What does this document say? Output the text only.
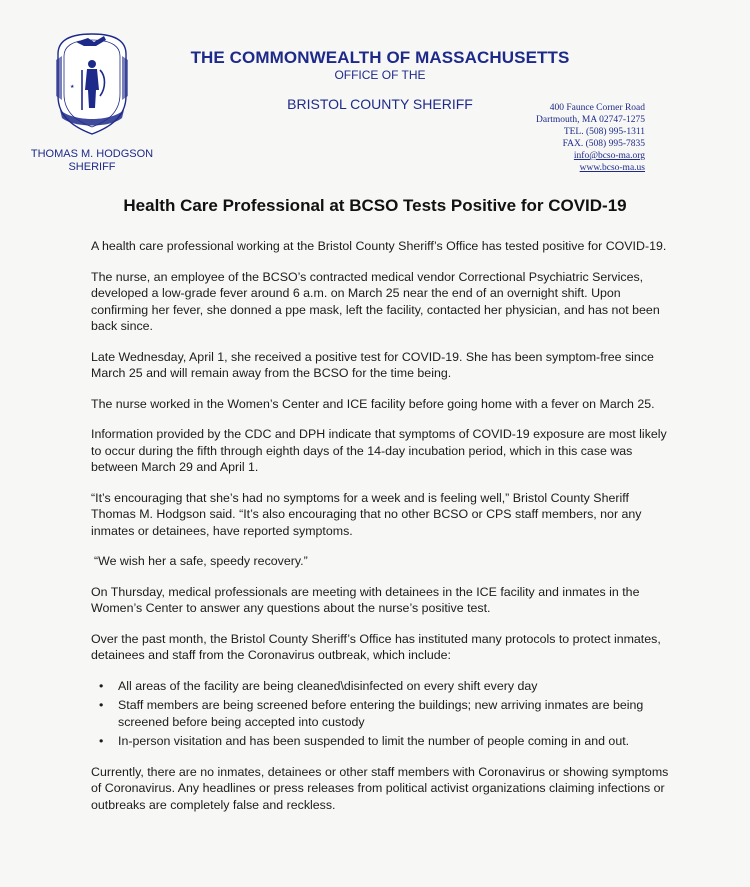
★
THOMAS M. HODGSON
SHERIFF
THE COMMONWEALTH OF MASSACHUSETTS
OFFICE OF THE
BRISTOL COUNTY SHERIFF	400 Faunce Corner Road
Dartmouth, MA 02747-1275
TEL. (508) 995-1311
FAX. (508) 995-7835
info@bcso-ma.org
www.bcso-ma.us
Health Care Professional at BCSO Tests Positive for COVID-19

A health care professional working at the Bristol County Sheriff’s Office has tested positive for COVID-19.

The nurse, an employee of the BCSO’s contracted medical vendor Correctional Psychiatric Services, developed a low-grade fever around 6 a.m. on March 25 near the end of an overnight shift. Upon confirming her fever, she donned a ppe mask, left the facility, contacted her physician, and has not been back since.

Late Wednesday, April 1, she received a positive test for COVID-19. She has been symptom-free since March 25 and will remain away from the BCSO for the time being.

The nurse worked in the Women’s Center and ICE facility before going home with a fever on March 25.

Information provided by the CDC and DPH indicate that symptoms of COVID-19 exposure are most likely to occur during the fifth through eighth days of the 14-day incubation period, which in this case was between March 29 and April 1.

“It’s encouraging that she’s had no symptoms for a week and is feeling well,” Bristol County Sheriff Thomas M. Hodgson said. “It’s also encouraging that no other BCSO or CPS staff members, nor any inmates or detainees, have reported symptoms.

“We wish her a safe, speedy recovery.”

On Thursday, medical professionals are meeting with detainees in the ICE facility and inmates in the Women’s Center to answer any questions about the nurse’s positive test.

Over the past month, the Bristol County Sheriff’s Office has instituted many protocols to protect inmates, detainees and staff from the Coronavirus outbreak, which include:

• All areas of the facility are being cleaned\disinfected on every shift every day
• Staff members are being screened before entering the buildings; new arriving inmates are being screened before being accepted into custody
• In-person visitation and has been suspended to limit the number of people coming in and out.

Currently, there are no inmates, detainees or other staff members with Coronavirus or showing symptoms of Coronavirus. Any headlines or press releases from political activist organizations claiming infections or outbreaks are completely false and reckless.
